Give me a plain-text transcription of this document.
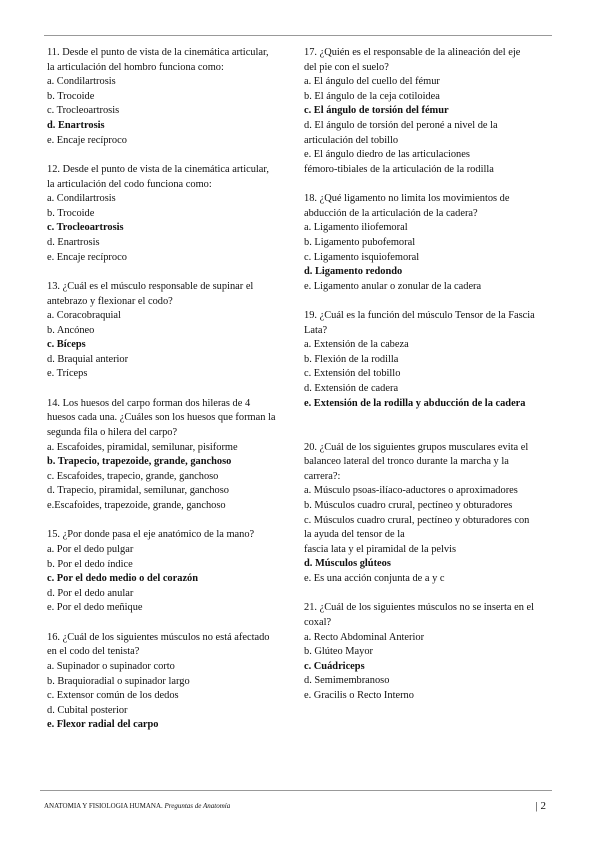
11. Desde el punto de vista de la cinemática articular,
la articulación del hombro funciona como:
a. Condilartrosis
b. Trocoide
c. Trocleoartrosis
d. Enartrosis
e. Encaje recíproco
12. Desde el punto de vista de la cinemática articular,
la articulación del codo funciona como:
a. Condilartrosis
b. Trocoide
c. Trocleoartrosis
d. Enartrosis
e. Encaje recíproco
13. ¿Cuál es el músculo responsable de supinar el
antebrazo y flexionar el codo?
a. Coracobraquial
b. Ancóneo
c. Bíceps
d. Braquial anterior
e. Tríceps
14. Los huesos del carpo forman dos hileras de 4
huesos cada una. ¿Cuáles son los huesos que forman la
segunda fila o hilera del carpo?
a. Escafoides, piramidal, semilunar, pisiforme
b. Trapecio, trapezoide, grande, ganchoso
c. Escafoides, trapecio, grande, ganchoso
d. Trapecio, piramidal, semilunar, ganchoso
e.Escafoides, trapezoide, grande, ganchoso
15. ¿Por donde pasa el eje anatómico de la mano?
a. Por el dedo pulgar
b. Por el dedo índice
c. Por el dedo medio o del corazón
d. Por el dedo anular
e. Por el dedo meñique
16. ¿Cuál de los siguientes músculos no está afectado
en el codo del tenista?
a. Supinador o supinador corto
b. Braquioradial o supinador largo
c. Extensor común de los dedos
d. Cubital posterior
e. Flexor radial del carpo
17. ¿Quién es el responsable de la alineación del eje
del pie con el suelo?
a. El ángulo del cuello del fémur
b. El ángulo de la ceja cotiloidea
c. El ángulo de torsión del fémur
d. El ángulo de torsión del peroné a nivel de la
articulación del tobillo
e. El ángulo diedro de las articulaciones
fémoro-tibiales de la articulación de la rodilla
18. ¿Qué ligamento no limita los movimientos de
abducción de la articulación de la cadera?
a. Ligamento iliofemoral
b. Ligamento pubofemoral
c. Ligamento isquiofemoral
d. Ligamento redondo
e. Ligamento anular o zonular de la cadera
19. ¿Cuál es la función del músculo Tensor de la Fascia
Lata?
a. Extensión de la cabeza
b. Flexión de la rodilla
c. Extensión del tobillo
d. Extensión de cadera
e. Extensión de la rodilla y abducción de la cadera

20. ¿Cuál de los siguientes grupos musculares evita el
balanceo lateral del tronco durante la marcha y la
carrera?:
a. Músculo psoas-ilíaco-aductores o aproximadores
b. Músculos cuadro crural, pectíneo y obturadores
c. Músculos cuadro crural, pectíneo y obturadores con
la ayuda del tensor de la
fascia lata y el piramidal de la pelvis
d. Músculos glúteos
e. Es una acción conjunta de a y c
21. ¿Cuál de los siguientes músculos no se inserta en el
coxal?
a. Recto Abdominal Anterior
b. Glúteo Mayor
c. Cuádriceps
d. Semimembranoso
e. Gracilis o Recto Interno
ANATOMIA Y FISIOLOGIA HUMANA. Preguntas de Anatomía	| 2
